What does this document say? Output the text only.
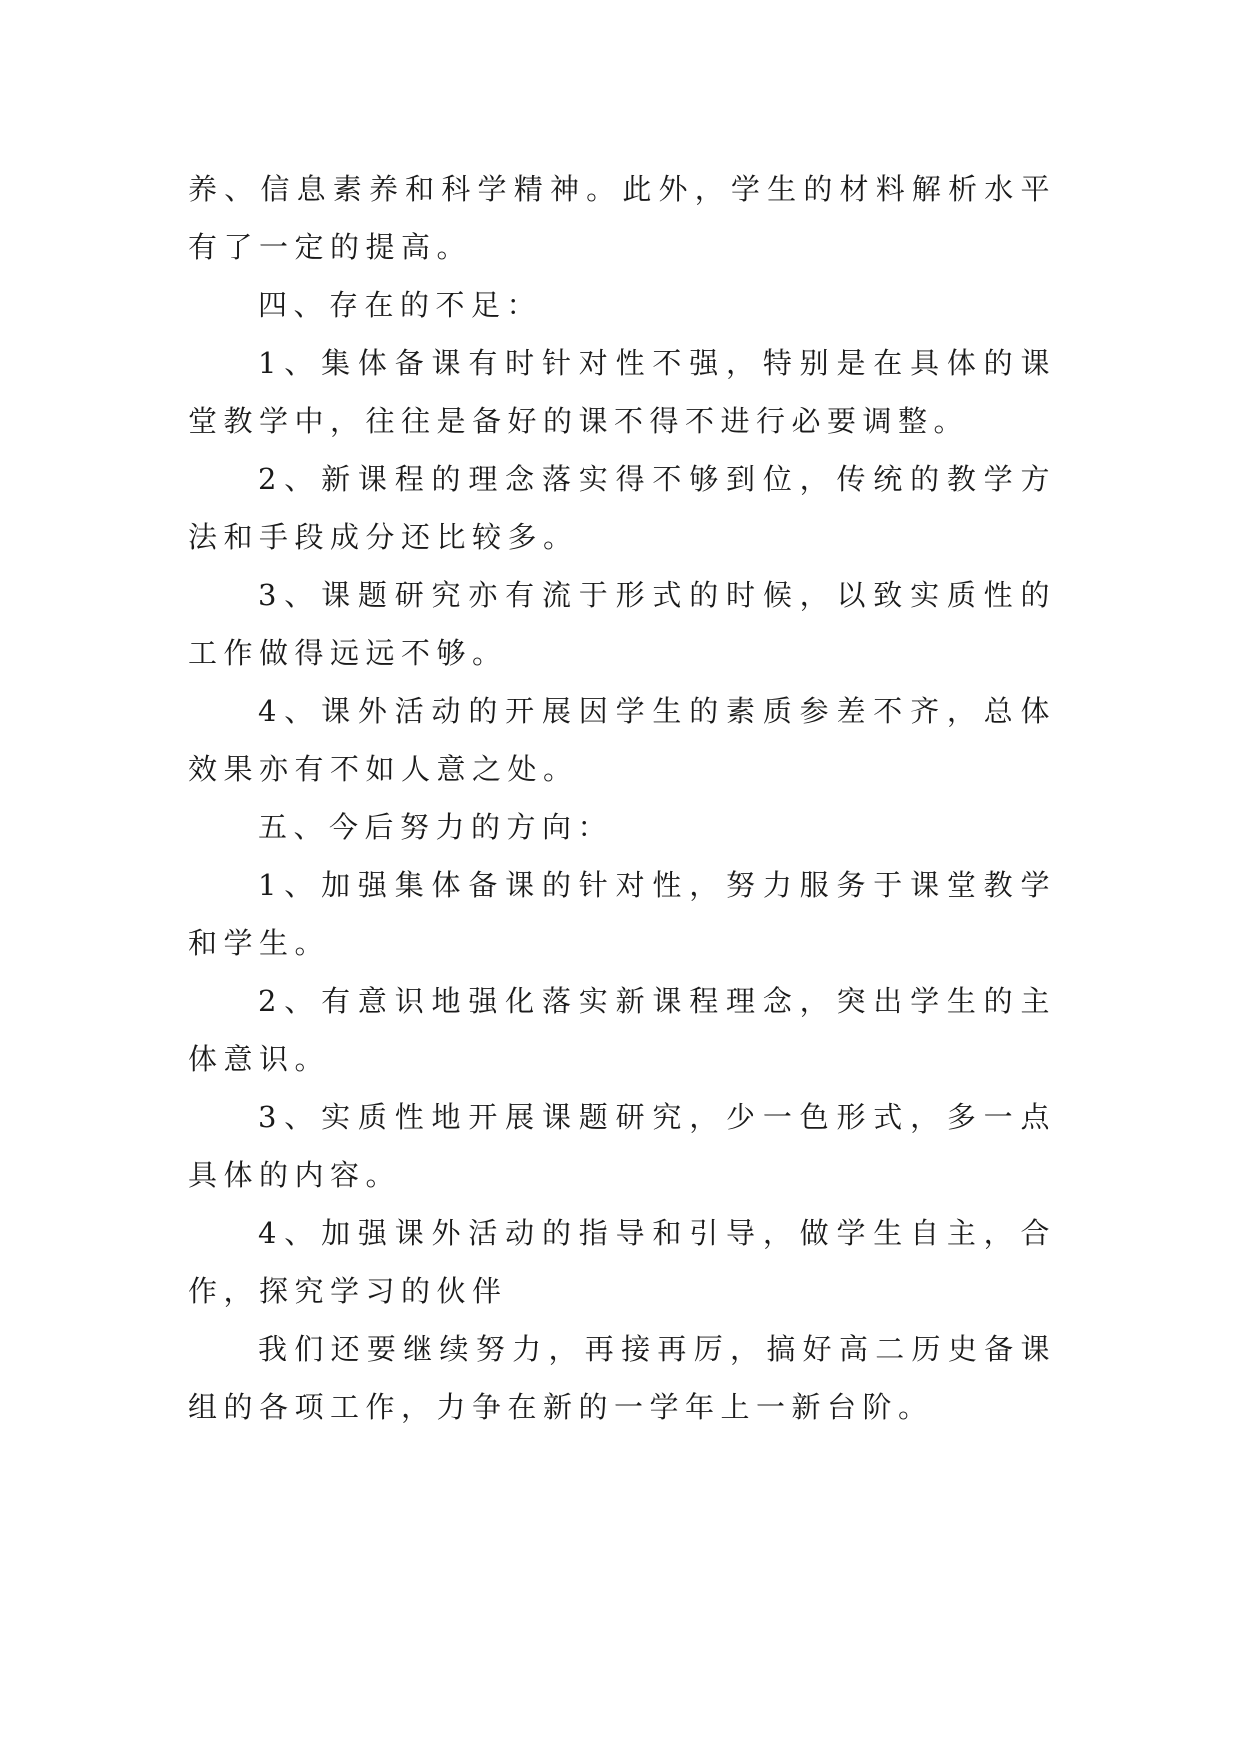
养、信息素养和科学精神。此外，学生的材料解析水平有了一定的提高。

四、存在的不足：

1、集体备课有时针对性不强，特别是在具体的课堂教学中，往往是备好的课不得不进行必要调整。

2、新课程的理念落实得不够到位，传统的教学方法和手段成分还比较多。

3、课题研究亦有流于形式的时候，以致实质性的工作做得远远不够。

4、课外活动的开展因学生的素质参差不齐，总体效果亦有不如人意之处。

五、今后努力的方向：

1、加强集体备课的针对性，努力服务于课堂教学和学生。

2、有意识地强化落实新课程理念，突出学生的主体意识。

3、实质性地开展课题研究，少一色形式，多一点具体的内容。

4、加强课外活动的指导和引导，做学生自主，合作，探究学习的伙伴

我们还要继续努力，再接再厉，搞好高二历史备课组的各项工作，力争在新的一学年上一新台阶。
